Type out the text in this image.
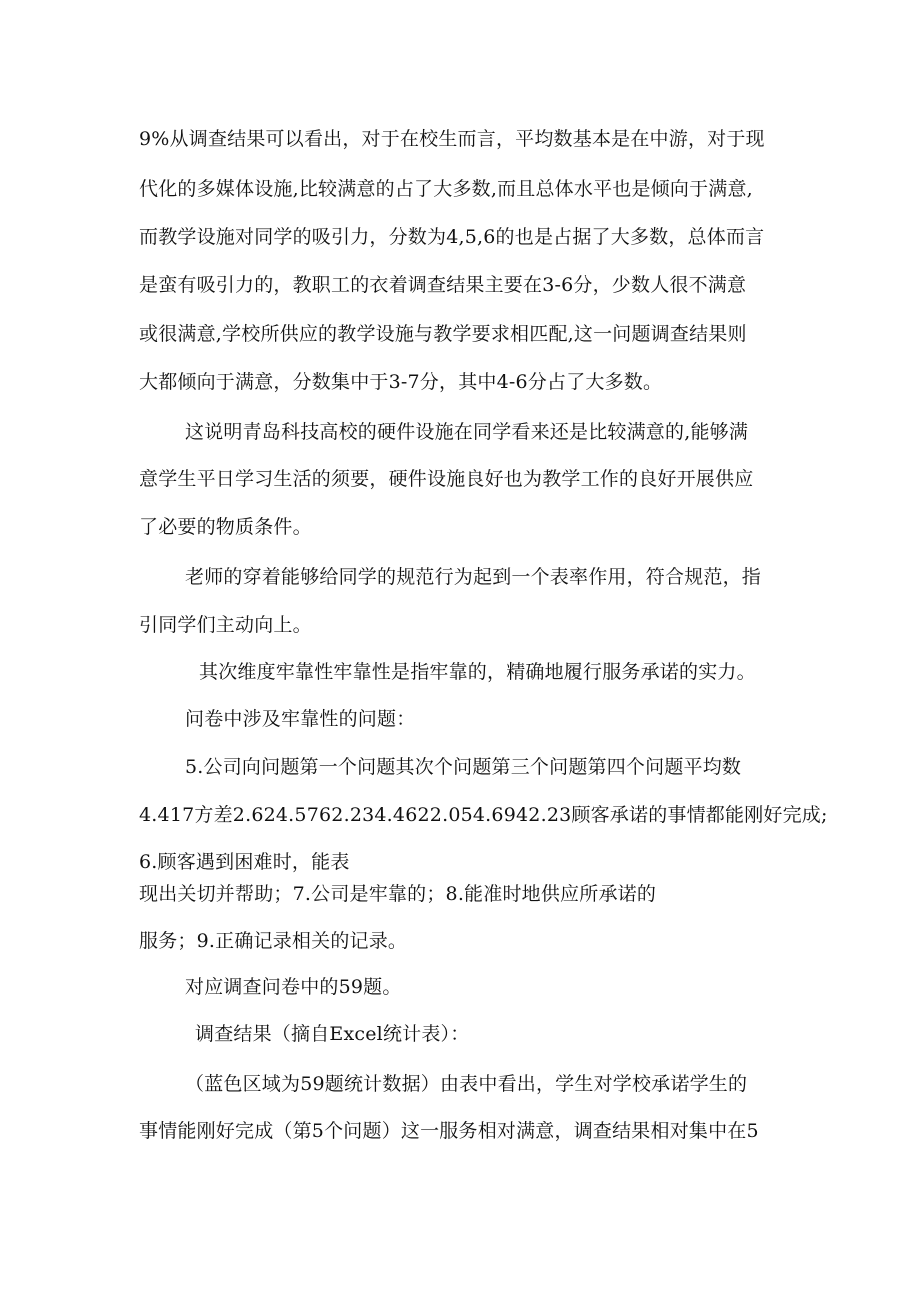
9%从调查结果可以看出，对于在校生而言，平均数基本是在中游，对于现
代化的多媒体设施,比较满意的占了大多数,而且总体水平也是倾向于满意,
而教学设施对同学的吸引力，分数为4,5,6的也是占据了大多数，总体而言
是蛮有吸引力的，教职工的衣着调查结果主要在3-6分，少数人很不满意
或很满意,学校所供应的教学设施与教学要求相匹配,这一问题调查结果则
大都倾向于满意，分数集中于3-7分，其中4-6分占了大多数。
这说明青岛科技高校的硬件设施在同学看来还是比较满意的,能够满
意学生平日学习生活的须要，硬件设施良好也为教学工作的良好开展供应
了必要的物质条件。
老师的穿着能够给同学的规范行为起到一个表率作用，符合规范，指
引同学们主动向上。
其次维度牢靠性牢靠性是指牢靠的，精确地履行服务承诺的实力。
问卷中涉及牢靠性的问题：
5.公司向问题第一个问题其次个问题第三个问题第四个问题平均数
4.417方差2.624.5762.234.4622.054.6942.23顾客承诺的事情都能刚好完成;
6.顾客遇到困难时，能表
现出关切并帮助；7.公司是牢靠的；8.能准时地供应所承诺的
服务；9.正确记录相关的记录。
对应调查问卷中的59题。
调查结果（摘自Excel统计表）：
（蓝色区域为59题统计数据）由表中看出，学生对学校承诺学生的
事情能刚好完成（第5个问题）这一服务相对满意，调查结果相对集中在5
